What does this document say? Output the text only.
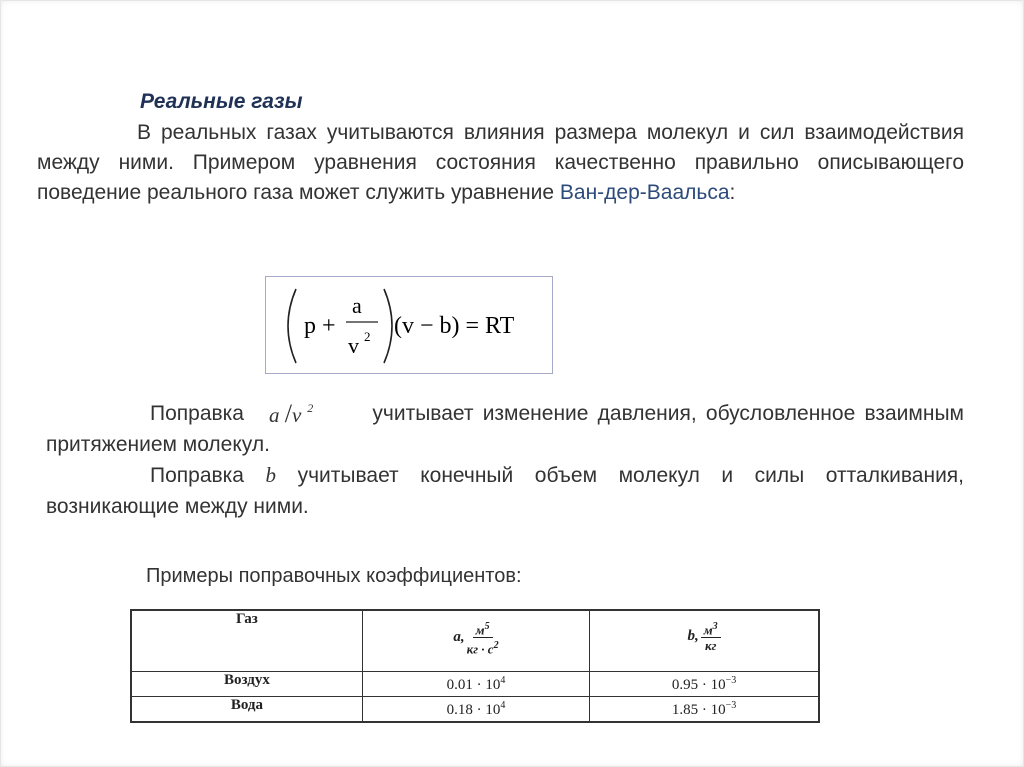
Реальные газы
В реальных газах учитываются влияния размера молекул и сил взаимодействия между ними. Примером уравнения состояния качественно правильно описывающего поведение реального газа может служить уравнение Ван-дер-Ваальса:
p +
a
v 2 (v − b) = RT
Поправка a /v $^2$	учитывает изменение давления, обусловленное взаимным притяжением молекул.
Поправка b учитывает конечный объем молекул и силы отталкивания, возникающие между ними.
Примеры поправочных коэффициентов:
Газ	a, $\frac{м^5}{кг \cdot с^2}$	b, $\frac{м^3}{кг}$

Воздух	$0.01 \cdot 10^4$	$0.95 \cdot 10^{-3}$
Вода	$0.18 \cdot 10^4$	$1.85 \cdot 10^{-3}$
